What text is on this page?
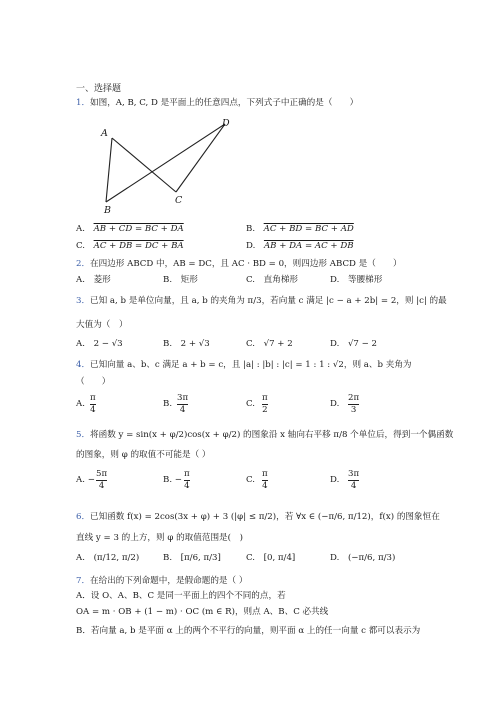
一、选择题
1． 如图，A, B, C, D 是平面上的任意四点，下列式子中正确的是（　　）
A
B
C
D
A.　 AB + CD = BC + DA	B.　 AC + BD = BC + AD
C.　 AC + DB = DC + BA	D.　 AB + DA = AC + DB
2． 在四边形 ABCD 中，AB = DC，且 AC · BD = 0，则四边形 ABCD 是（　　）
A.　 菱形	B.　 矩形	C.　 直角梯形	D.　 等腰梯形
3． 已知 a, b 是单位向量，且 a, b 的夹角为 π/3，若向量 c 满足 |c − a + 2b| = 2，则 |c| 的最
大值为（　）
A.　 2 − √3	B.　 2 + √3	C.　 √7 + 2	D.　 √7 − 2
4． 已知向量 a、b、c 满足 a + b = c，且 |a| : |b| : |c| = 1 : 1 : √2，则 a、b 夹角为
（　　）
A.
π
4
B.
3π
4
C.
π
2
D.
2π
3
5． 将函数 y = sin(x + φ/2)cos(x + φ/2) 的图象沿 x 轴向右平移 π/8 个单位后，得到一个偶函数
的图象，则 φ 的取值不可能是（ ）
A. −
5π
4
B. −
π
4
C.
π
4
D.
3π
4
6． 已知函数 f(x) = 2cos(3x + φ) + 3 (|φ| ≤ π/2)，若 ∀x ∈ (−π/6, π/12)，f(x) 的图象恒在
直线 y = 3 的上方，则 φ 的取值范围是(　)
A.　 (π/12, π/2)	B.　 [π/6, π/3]	C.　 [0, π/4]	D.　 (−π/6, π/3)
7． 在给出的下列命题中，是假命题的是（ ）
A．设 O、A、B、C 是同一平面上的四个不同的点，若
OA = m · OB + (1 − m) · OC (m ∈ R)，则点 A、B、C 必共线
B．若向量 a, b 是平面 α 上的两个不平行的向量，则平面 α 上的任一向量 c 都可以表示为
